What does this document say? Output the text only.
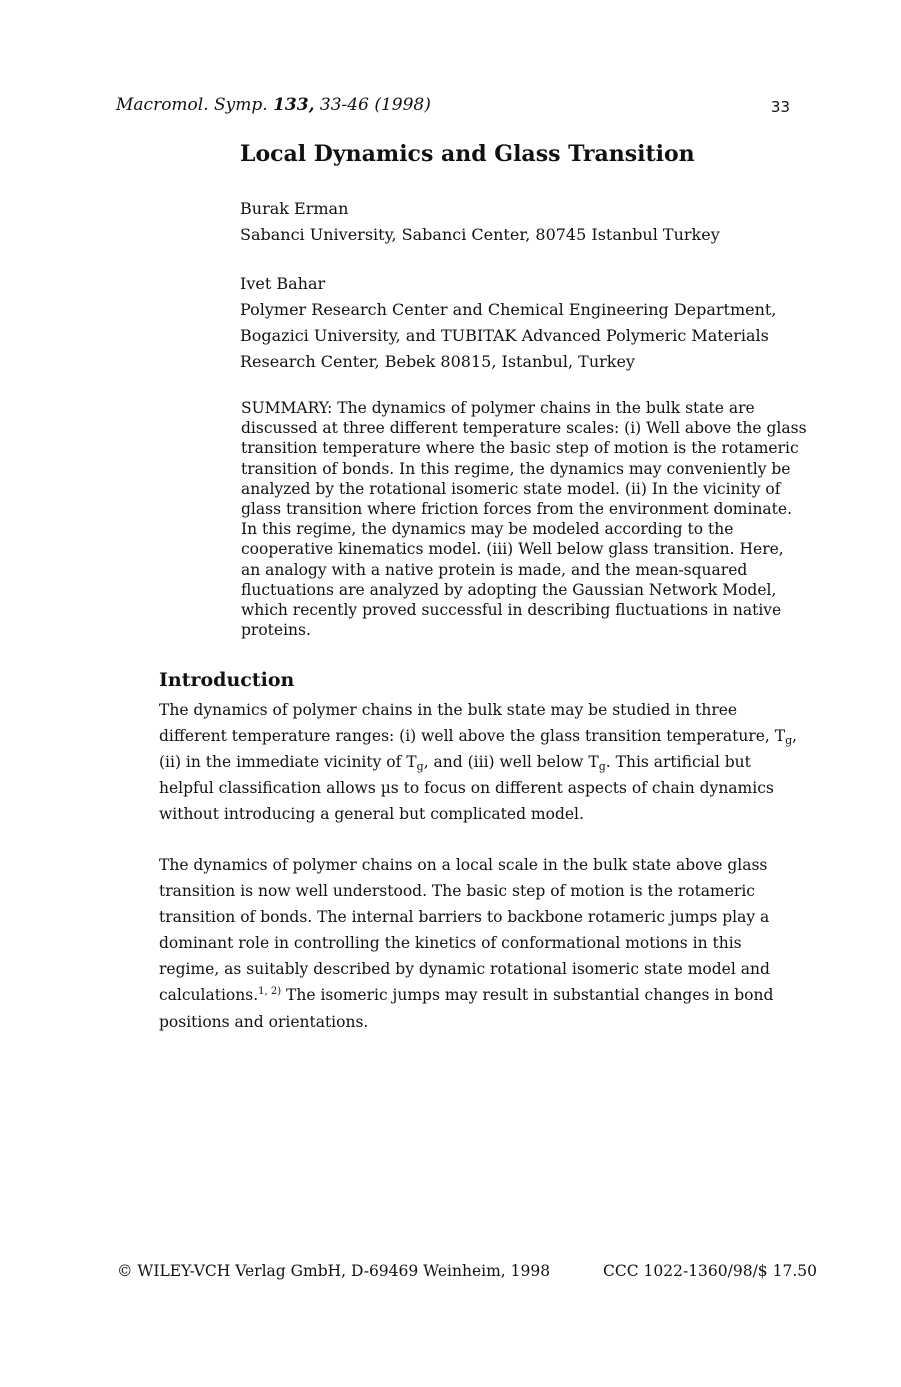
Macromol. Symp. 133, 33-46 (1998)	33
Local Dynamics and Glass Transition
Burak Erman
Sabanci University, Sabanci Center, 80745 Istanbul Turkey
Ivet Bahar
Polymer Research Center and Chemical Engineering Department,
Bogazici University, and TUBITAK Advanced Polymeric Materials
Research Center, Bebek 80815, Istanbul, Turkey
SUMMARY: The dynamics of polymer chains in the bulk state are
discussed at three different temperature scales: (i) Well above the glass
transition temperature where the basic step of motion is the rotameric
transition of bonds. In this regime, the dynamics may conveniently be
analyzed by the rotational isomeric state model. (ii) In the vicinity of
glass transition where friction forces from the environment dominate.
In this regime, the dynamics may be modeled according to the
cooperative kinematics model. (iii) Well below glass transition. Here,
an analogy with a native protein is made, and the mean-squared
fluctuations are analyzed by adopting the Gaussian Network Model,
which recently proved successful in describing fluctuations in native
proteins.
Introduction
The dynamics of polymer chains in the bulk state may be studied in three
different temperature ranges: (i) well above the glass transition temperature, $T_g$,
(ii) in the immediate vicinity of $T_g$, and (iii) well below $T_g$. This artificial but
helpful classification allows µs to focus on different aspects of chain dynamics
without introducing a general but complicated model.
The dynamics of polymer chains on a local scale in the bulk state above glass
transition is now well understood. The basic step of motion is the rotameric
transition of bonds. The internal barriers to backbone rotameric jumps play a
dominant role in controlling the kinetics of conformational motions in this
regime, as suitably described by dynamic rotational isomeric state model and
calculations.$^{1, 2)}$ The isomeric jumps may result in substantial changes in bond
positions and orientations.
© WILEY-VCH Verlag GmbH, D-69469 Weinheim, 1998	CCC 1022-1360/98/$ 17.50
